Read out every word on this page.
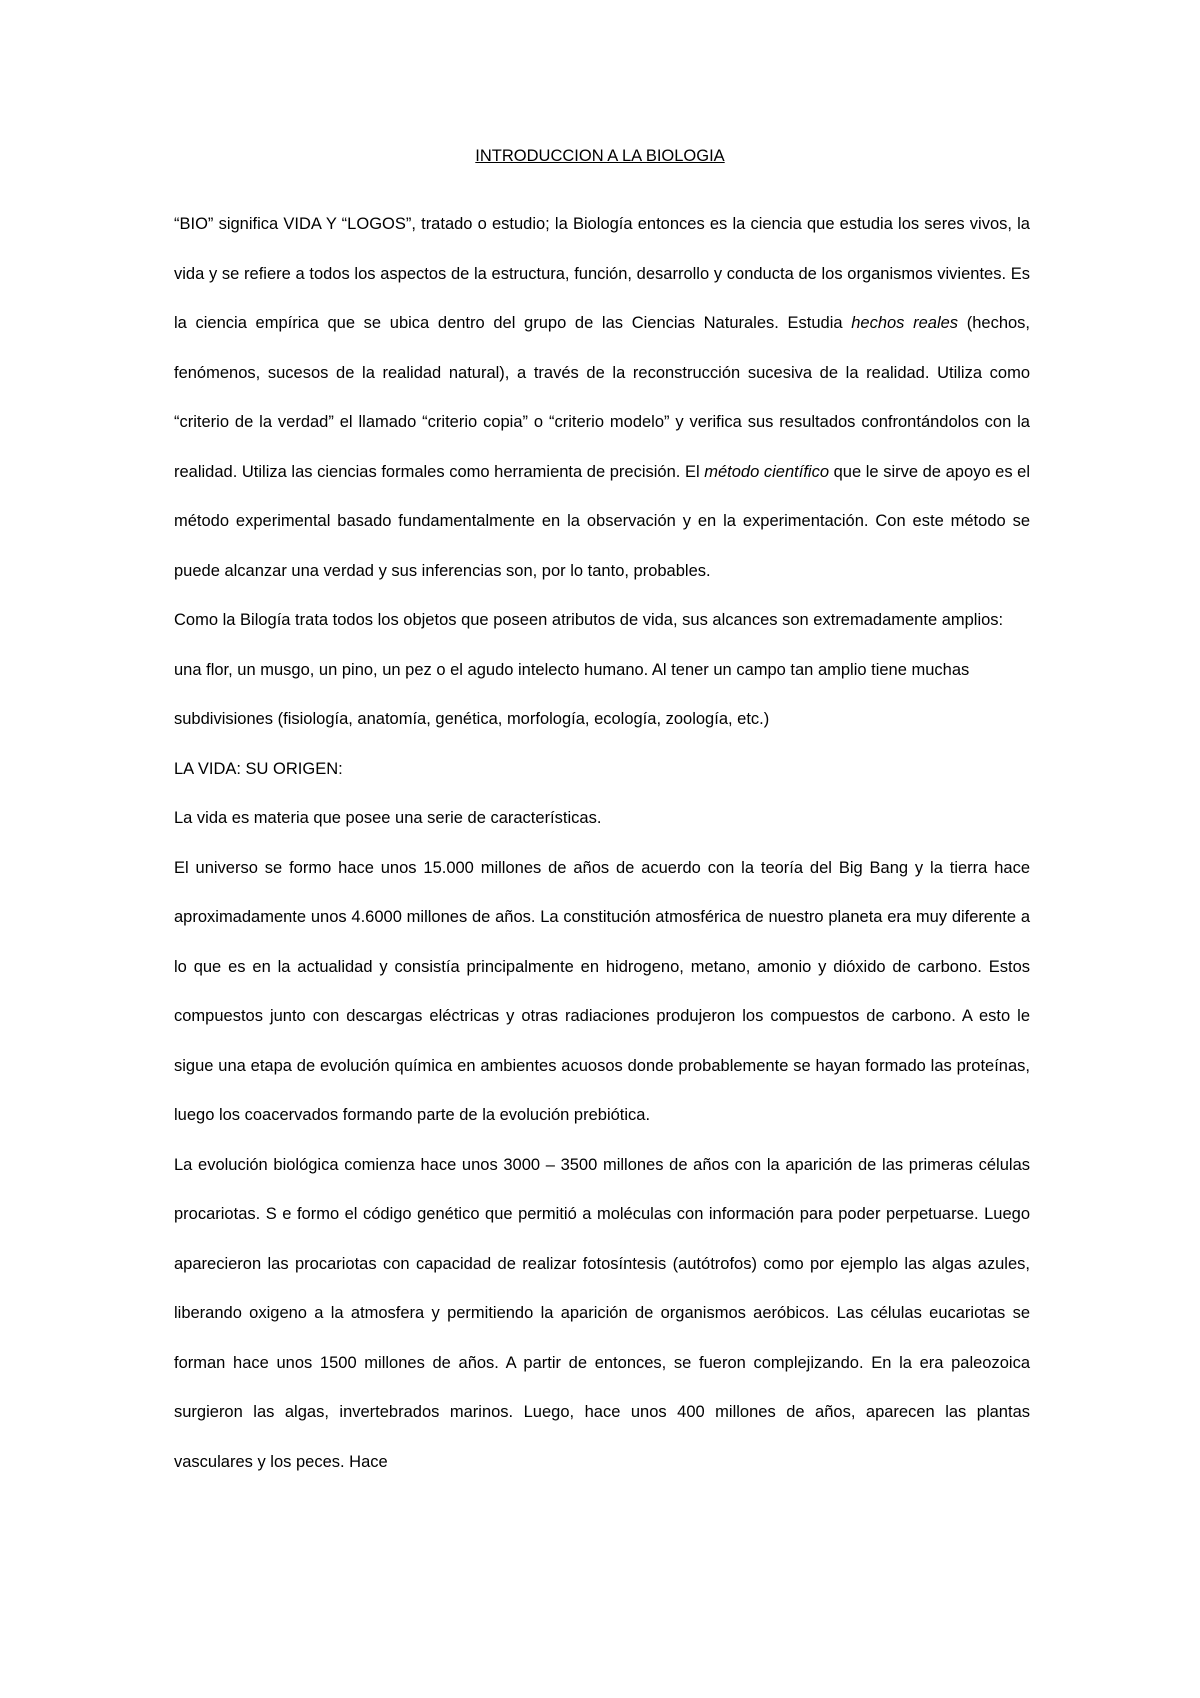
INTRODUCCION A LA BIOLOGIA

“BIO” significa VIDA Y “LOGOS”, tratado o estudio; la Biología entonces es la ciencia que estudia los seres vivos, la vida y se refiere a todos los aspectos de la estructura, función, desarrollo y conducta de los organismos vivientes. Es la ciencia empírica que se ubica dentro del grupo de las Ciencias Naturales. Estudia hechos reales (hechos, fenómenos, sucesos de la realidad natural), a través de la reconstrucción sucesiva de la realidad. Utiliza como “criterio de la verdad” el llamado “criterio copia” o “criterio modelo” y verifica sus resultados confrontándolos con la realidad. Utiliza las ciencias formales como herramienta de precisión. El método científico que le sirve de apoyo es el método experimental basado fundamentalmente en la observación y en la experimentación. Con este método se puede alcanzar una verdad y sus inferencias son, por lo tanto, probables.

Como la Bilogía trata todos los objetos que poseen atributos de vida, sus alcances son extremadamente amplios: una flor, un musgo, un pino, un pez o el agudo intelecto humano. Al tener un campo tan amplio tiene muchas subdivisiones (fisiología, anatomía, genética, morfología, ecología, zoología, etc.)

LA VIDA: SU ORIGEN:

La vida es materia que posee una serie de características.

El universo se formo hace unos 15.000 millones de años de acuerdo con la teoría del Big Bang y la tierra hace aproximadamente unos 4.6000 millones de años. La constitución atmosférica de nuestro planeta era muy diferente a lo que es en la actualidad y consistía principalmente en hidrogeno, metano, amonio y dióxido de carbono. Estos compuestos junto con descargas eléctricas y otras radiaciones produjeron los compuestos de carbono. A esto le sigue una etapa de evolución química en ambientes acuosos donde probablemente se hayan formado las proteínas, luego los coacervados formando parte de la evolución prebiótica.

La evolución biológica comienza hace unos 3000 – 3500 millones de años con la aparición de las primeras células procariotas. S e formo el código genético que permitió a moléculas con información para poder perpetuarse. Luego aparecieron las procariotas con capacidad de realizar fotosíntesis (autótrofos) como por ejemplo las algas azules, liberando oxigeno a la atmosfera y permitiendo la aparición de organismos aeróbicos. Las células eucariotas se forman hace unos 1500 millones de años. A partir de entonces, se fueron complejizando. En la era paleozoica surgieron las algas, invertebrados marinos. Luego, hace unos 400 millones de años, aparecen las plantas vasculares y los peces. Hace
